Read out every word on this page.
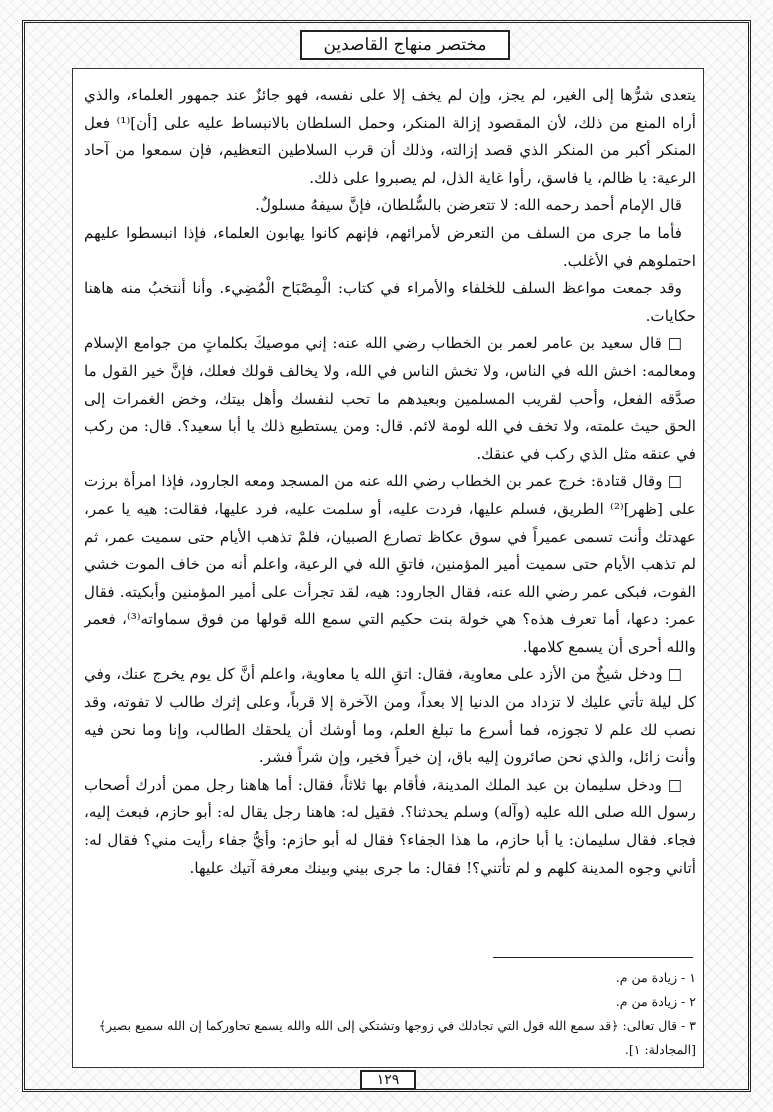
مختصر منهاج القاصدين

يتعدى شرُّها إلى الغير، لم يجز، وإن لم يخف إلا على نفسه، فهو جائزٌ عند جمهور العلماء، والذي أراه المنع من ذلك، لأن المقصود إزالة المنكر، وحمل السلطان بالانبساط عليه على [أن]⁽¹⁾ فعل المنكر أكبر من المنكر الذي قصد إزالته، وذلك أن قرب السلاطين التعظيم، فإن سمعوا من آحاد الرعية: يا ظالم، يا فاسق، رأوا غاية الذل، لم يصبروا على ذلك.

قال الإمام أحمد رحمه الله: لا تتعرضن بالسُّلطان، فإنَّ سيفهُ مسلولٌ.

فأما ما جرى من السلف من التعرض لأمرائهم، فإنهم كانوا يهابون العلماء، فإذا انبسطوا عليهم احتملوهم في الأغلب.

وقد جمعت مواعظ السلف للخلفاء والأمراء في كتاب: الْمِصْبَاح الْمُضِيء. وأنا أنتخبُ منه هاهنا حكايات.

□ قال سعيد بن عامر لعمر بن الخطاب رضي الله عنه: إني موصيكَ بكلماتٍ من جوامع الإسلام ومعالمه: اخش الله في الناس، ولا تخش الناس في الله، ولا يخالف قولك فعلك، فإنَّ خير القول ما صدَّقه الفعل، وأحب لقريب المسلمين وبعيدهم ما تحب لنفسك وأهل بيتك، وخض الغمرات إلى الحق حيث علمته، ولا تخف في الله لومة لائم. قال: ومن يستطيع ذلك يا أبا سعيد؟. قال: من ركب في عنقه مثل الذي ركب في عنقك.

□ وقال قتادة: خرج عمر بن الخطاب رضي الله عنه من المسجد ومعه الجارود، فإذا امرأة برزت على [ظهر]⁽²⁾ الطريق، فسلم عليها، فردت عليه، أو سلمت عليه، فرد عليها، فقالت: هيه يا عمر، عهدتك وأنت تسمى عميراً في سوق عكاظ تصارع الصبيان، فلمْ تذهب الأيام حتى سميت عمر، ثم لم تذهب الأيام حتى سميت أمير المؤمنين، فاتقِ الله في الرعية، واعلم أنه من خاف الموت خشي الفوت، فبكى عمر رضي الله عنه، فقال الجارود: هيه، لقد تجرأت على أمير المؤمنين وأبكيته. فقال عمر: دعها، أما تعرف هذه؟ هي خولة بنت حكيم التي سمع الله قولها من فوق سماواته⁽³⁾، فعمر والله أحرى أن يسمع كلامها.

□ ودخل شيخٌ من الأزد على معاوية، فقال: اتقِ الله يا معاوية، واعلم أنَّ كل يوم يخرج عنك، وفي كل ليلة تأتي عليك لا تزداد من الدنيا إلا بعداً، ومن الآخرة إلا قرباً، وعلى إثرك طالب لا تفوته، وقد نصب لك علم لا تجوزه، فما أسرع ما تبلغ العلم، وما أوشك أن يلحقك الطالب، وإنا وما نحن فيه وأنت زائل، والذي نحن صائرون إليه باق، إن خيراً فخير، وإن شراً فشر.

□ ودخل سليمان بن عبد الملك المدينة، فأقام بها ثلاثاً، فقال: أما هاهنا رجل ممن أدرك أصحاب رسول الله صلى الله عليه (وآله) وسلم يحدثنا؟. فقيل له: هاهنا رجل يقال له: أبو حازم، فبعث إليه، فجاء. فقال سليمان: يا أبا حازم، ما هذا الجفاء؟ فقال له أبو حازم: وأيُّ جفاء رأيت مني؟ فقال له: أتاني وجوه المدينة كلهم و لم تأتني؟! فقال: ما جرى بيني وبينك معرفة آتيك عليها.

١ - زيادة من م.

٢ - زيادة من م.

٣ - قال تعالى: ﴿قد سمع الله قول التي تجادلك في زوجها وتشتكي إلى الله والله يسمع تحاوركما إن الله سميع بصير﴾[المجادلة: ١].

١٢٩
